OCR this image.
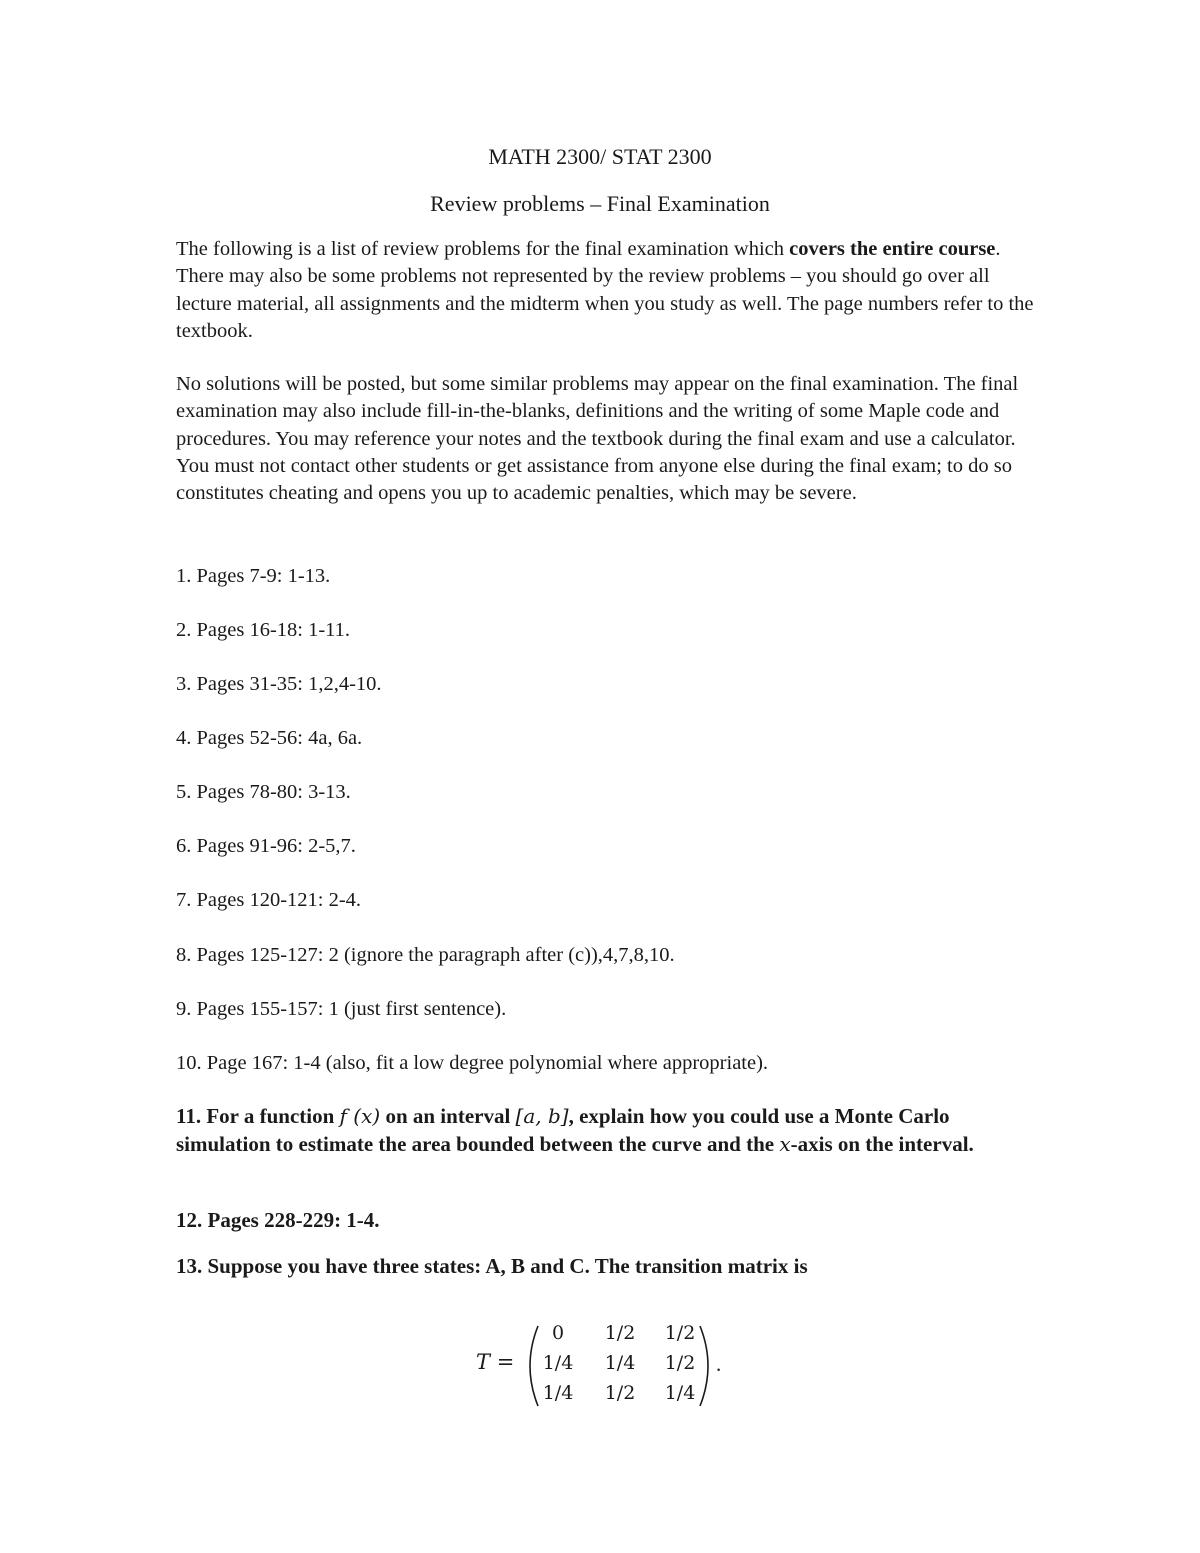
MATH 2300/ STAT 2300
Review problems – Final Examination
The following is a list of review problems for the final examination which covers the entire course. There may also be some problems not represented by the review problems – you should go over all lecture material, all assignments and the midterm when you study as well. The page numbers refer to the textbook.
No solutions will be posted, but some similar problems may appear on the final examination. The final examination may also include fill-in-the-blanks, definitions and the writing of some Maple code and procedures. You may reference your notes and the textbook during the final exam and use a calculator. You must not contact other students or get assistance from anyone else during the final exam; to do so constitutes cheating and opens you up to academic penalties, which may be severe.
1. Pages 7-9: 1-13.
2. Pages 16-18: 1-11.
3. Pages 31-35: 1,2,4-10.
4. Pages 52-56: 4a, 6a.
5. Pages 78-80: 3-13.
6. Pages 91-96: 2-5,7.
7. Pages 120-121: 2-4.
8. Pages 125-127: 2 (ignore the paragraph after (c)),4,7,8,10.
9. Pages 155-157: 1 (just first sentence).
10. Page 167: 1-4 (also, fit a low degree polynomial where appropriate).
11. For a function f (x) on an interval [a, b], explain how you could use a Monte Carlo simulation to estimate the area bounded between the curve and the x-axis on the interval.
12. Pages 228-229: 1-4.
13. Suppose you have three states: A, B and C. The transition matrix is
T =
0	1/2	1/2
1/4	1/4	1/2
1/4	1/2	1/4
.
